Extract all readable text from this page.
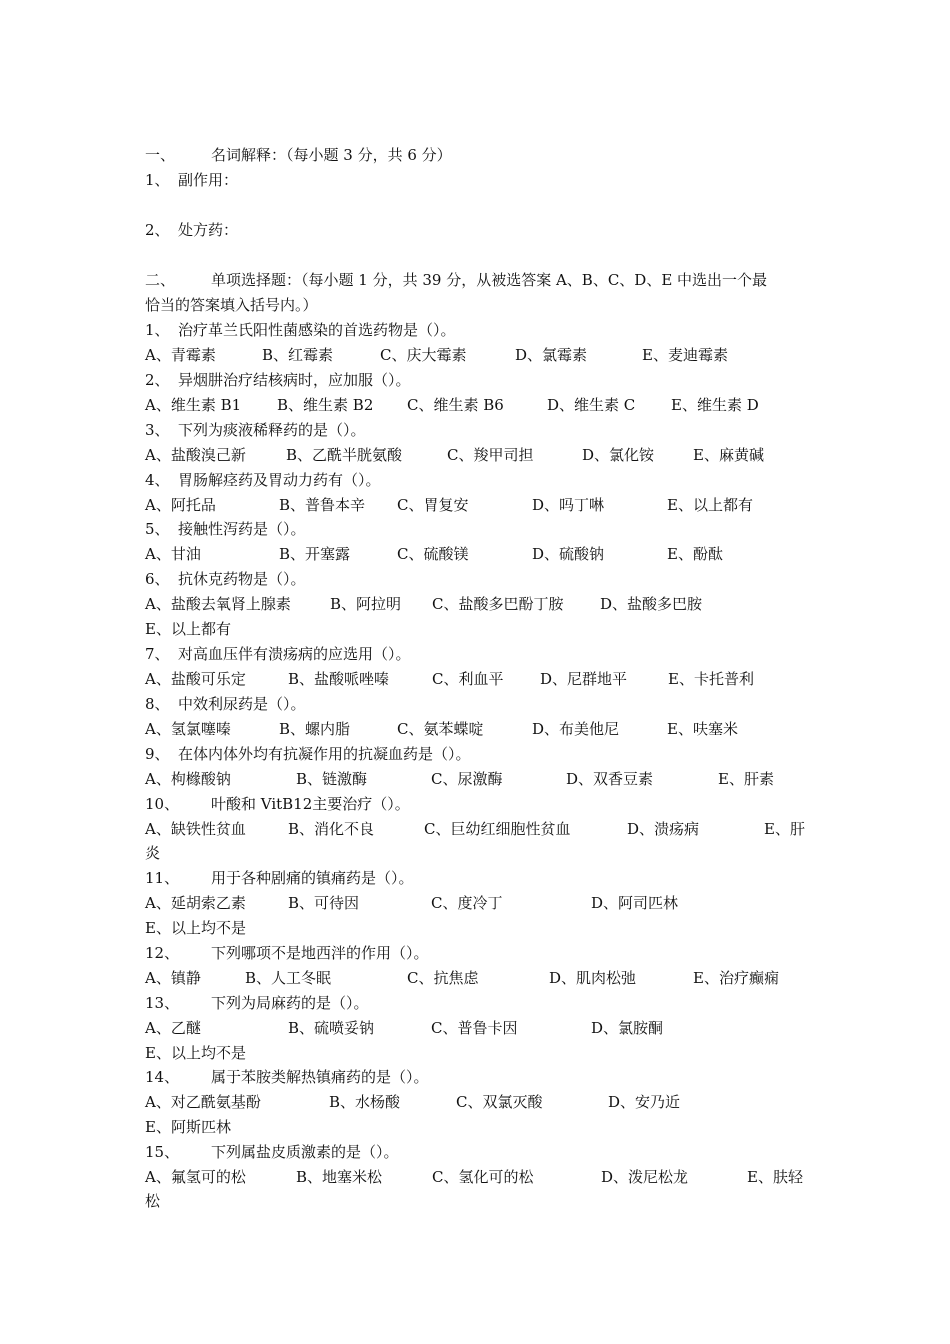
一、 名词解释：（每小题 3 分，共 6 分）
1、 副作用：
2、 处方药：
二、 单项选择题：（每小题 1 分，共 39 分，从被选答案 A、B、C、D、E 中选出一个最
恰当的答案填入括号内。）
1、 治疗革兰氏阳性菌感染的首选药物是（）。
A、青霉素	B、红霉素	C、庆大霉素	D、氯霉素	E、麦迪霉素
2、 异烟肼治疗结核病时，应加服（）。
A、维生素 B1 B、维生素 B2 C、维生素 B6	D、维生素 C E、维生素 D
3、 下列为痰液稀释药的是（）。
A、盐酸溴己新	B、乙酰半胱氨酸	C、羧甲司担	D、氯化铵	E、麻黄碱
4、 胃肠解痉药及胃动力药有（）。
A、阿托品	B、普鲁本辛 C、胃复安	D、吗丁啉	E、以上都有
5、 接触性泻药是（）。
A、甘油	B、开塞露	C、硫酸镁	D、硫酸钠	E、酚酞
6、 抗休克药物是（）。
A、盐酸去氧肾上腺素	B、阿拉明 C、盐酸多巴酚丁胺 D、盐酸多巴胺
E、以上都有
7、 对高血压伴有溃疡病的应选用（）。
A、盐酸可乐定	B、盐酸哌唑嗪	C、利血平 D、尼群地平	E、卡托普利
8、 中效利尿药是（）。
A、氢氯噻嗪	B、螺内脂	C、氨苯蝶啶	D、布美他尼	E、呋塞米
9、 在体内体外均有抗凝作用的抗凝血药是（）。
A、枸橼酸钠	B、链激酶	C、尿激酶	D、双香豆素	E、肝素
10、 叶酸和 VitB12主要治疗（）。
A、缺铁性贫血	B、消化不良	C、巨幼红细胞性贫血	D、溃疡病	E、肝
炎
11、 用于各种剧痛的镇痛药是（）。
A、延胡索乙素	B、可待因	C、度冷丁	D、阿司匹林
E、以上均不是
12、 下列哪项不是地西泮的作用（）。
A、镇静	B、人工冬眠	C、抗焦虑	D、肌肉松弛	E、治疗癫痫
13、 下列为局麻药的是（）。
A、乙醚	B、硫喷妥钠	C、普鲁卡因	D、氯胺酮
E、以上均不是
14、 属于苯胺类解热镇痛药的是（）。
A、对乙酰氨基酚	B、水杨酸	C、双氯灭酸	D、安乃近
E、阿斯匹林
15、 下列属盐皮质激素的是（）。
A、氟氢可的松	B、地塞米松	C、氢化可的松	D、泼尼松龙	E、肤轻
松
